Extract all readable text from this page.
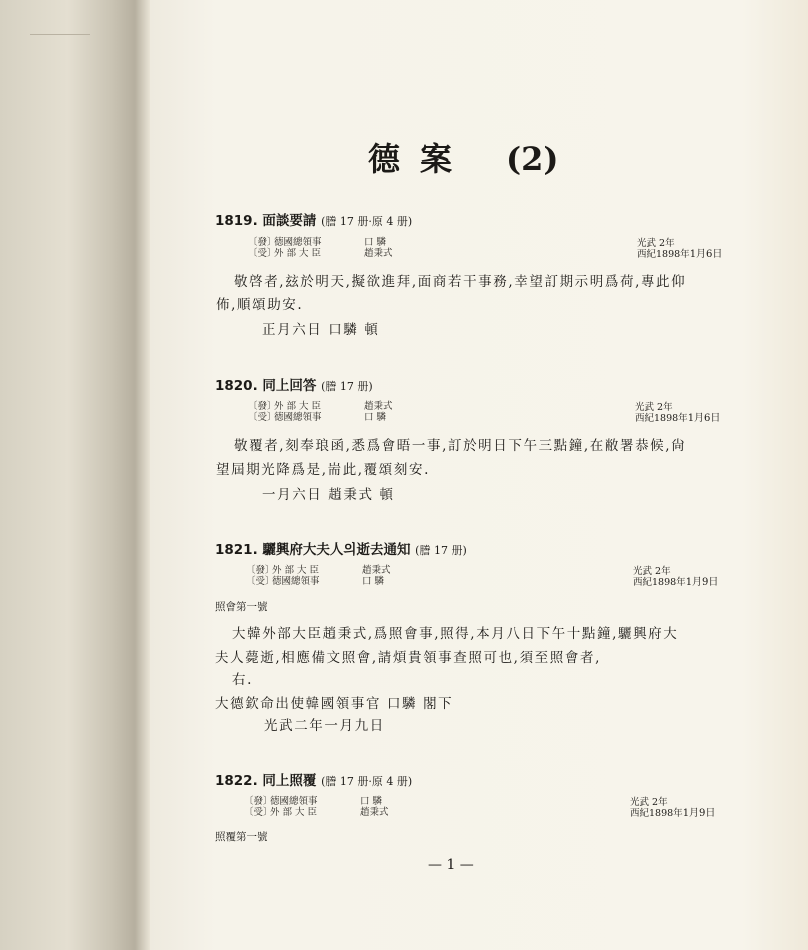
德 案 (2)
1819. 面談要請 (謄 17 册·原 4 册)
〔發〕德國總領事	口 驎
〔受〕外 部 大 臣	趙秉式
光武 2年
西紀1898年1月6日
敬啓者,玆於明天,擬欲進拜,面商若干事務,幸望訂期示明爲荷,專此仰
佈,順頌助安.
正月六日 口驎 頓
1820. 同上回答 (謄 17 册)
〔發〕外 部 大 臣	趙秉式
〔受〕德國總領事	口 驎
光武 2年
西紀1898年1月6日
敬覆者,刻奉琅函,悉爲會晤一事,訂於明日下午三點鐘,在敝署恭候,尙
望屆期光降爲是,耑此,覆頌刻安.
一月六日 趙秉式 頓
1821. 驪興府大夫人의逝去通知 (謄 17 册)
〔發〕外 部 大 臣	趙秉式
〔受〕德國總領事	口 驎
光武 2年
西紀1898年1月9日
照會第一號
大韓外部大臣趙秉式,爲照會事,照得,本月八日下午十點鐘,驪興府大
夫人薨逝,相應備文照會,請煩貴領事查照可也,須至照會者,
右.
大德欽命出使韓國領事官 口驎 閣下
光武二年一月九日
1822. 同上照覆 (謄 17 册·原 4 册)
〔發〕德國總領事	口 驎
〔受〕外 部 大 臣	趙秉式
光武 2年
西紀1898年1月9日
照覆第一號
— 1 —
